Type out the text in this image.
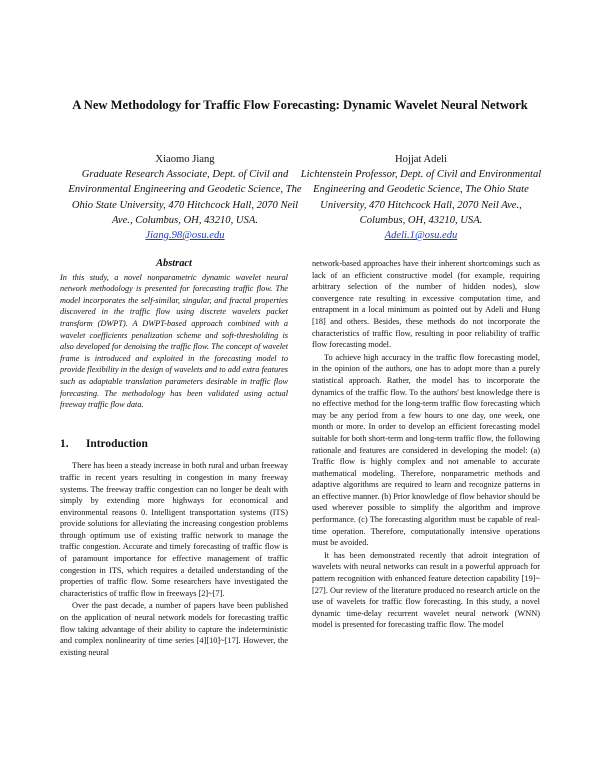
A New Methodology for Traffic Flow Forecasting: Dynamic Wavelet Neural Network
Xiaomo Jiang
Graduate Research Associate, Dept. of Civil and Environmental Engineering and Geodetic Science, The Ohio State University, 470 Hitchcock Hall, 2070 Neil Ave., Columbus, OH, 43210, USA.
Jiang.98@osu.edu
Hojjat Adeli
Lichtenstein Professor, Dept. of Civil and Environmental Engineering and Geodetic Science, The Ohio State University, 470 Hitchcock Hall, 2070 Neil Ave., Columbus, OH, 43210, USA.
Adeli.1@osu.edu
Abstract

In this study, a novel nonparametric dynamic wavelet neural network methodology is presented for forecasting traffic flow. The model incorporates the self-similar, singular, and fractal properties discovered in the traffic flow using discrete wavelets packet transform (DWPT). A DWPT-based approach combined with a wavelet coefficients penalization scheme and soft-thresholding is also developed for denoising the traffic flow. The concept of wavelet frame is introduced and exploited in the forecasting model to provide flexibility in the design of wavelets and to add extra features such as adaptable translation parameters desirable in traffic flow forecasting. The methodology has been validated using actual freeway traffic flow data.

1. Introduction

There has been a steady increase in both rural and urban freeway traffic in recent years resulting in congestion in many freeway systems. The freeway traffic congestion can no longer be dealt with simply by extending more highways for economical and environmental reasons 0. Intelligent transportation systems (ITS) provide solutions for alleviating the increasing congestion problems through optimum use of existing traffic network to manage the traffic congestion. Accurate and timely forecasting of traffic flow is of paramount importance for effective management of traffic congestion in ITS, which requires a detailed understanding of the properties of traffic flow. Some researchers have investigated the characteristics of traffic flow in freeways [2]~[7].

Over the past decade, a number of papers have been published on the application of neural network models for forecasting traffic flow taking advantage of their ability to capture the indeterministic and complex nonlinearity of time series [4][10]~[17]. However, the existing neural

network-based approaches have their inherent shortcomings such as lack of an efficient constructive model (for example, requiring arbitrary selection of the number of hidden nodes), slow convergence rate resulting in excessive computation time, and entrapment in a local minimum as pointed out by Adeli and Hung [18] and others. Besides, these methods do not incorporate the characteristics of traffic flow, resulting in poor reliability of traffic flow forecasting model.

To achieve high accuracy in the traffic flow forecasting model, in the opinion of the authors, one has to adopt more than a purely statistical approach. Rather, the model has to incorporate the dynamics of the traffic flow. To the authors' best knowledge there is no effective method for the long-term traffic flow forecasting which may be any period from a few hours to one day, one week, one month or more. In order to develop an efficient forecasting model suitable for both short-term and long-term traffic flow, the following rationale and features are considered in developing the model: (a) Traffic flow is highly complex and not amenable to accurate mathematical modeling. Therefore, nonparametric methods and adaptive algorithms are required to learn and recognize patterns in an effective manner. (b) Prior knowledge of flow behavior should be used wherever possible to simplify the algorithm and improve performance. (c) The forecasting algorithm must be capable of real-time operation. Therefore, computationally intensive operations must be avoided.

It has been demonstrated recently that adroit integration of wavelets with neural networks can result in a powerful approach for pattern recognition with enhanced feature detection capability [19]~[27]. Our review of the literature produced no research article on the use of wavelets for traffic flow forecasting. In this study, a novel dynamic time-delay recurrent wavelet neural network (WNN) model is presented for forecasting traffic flow. The model
